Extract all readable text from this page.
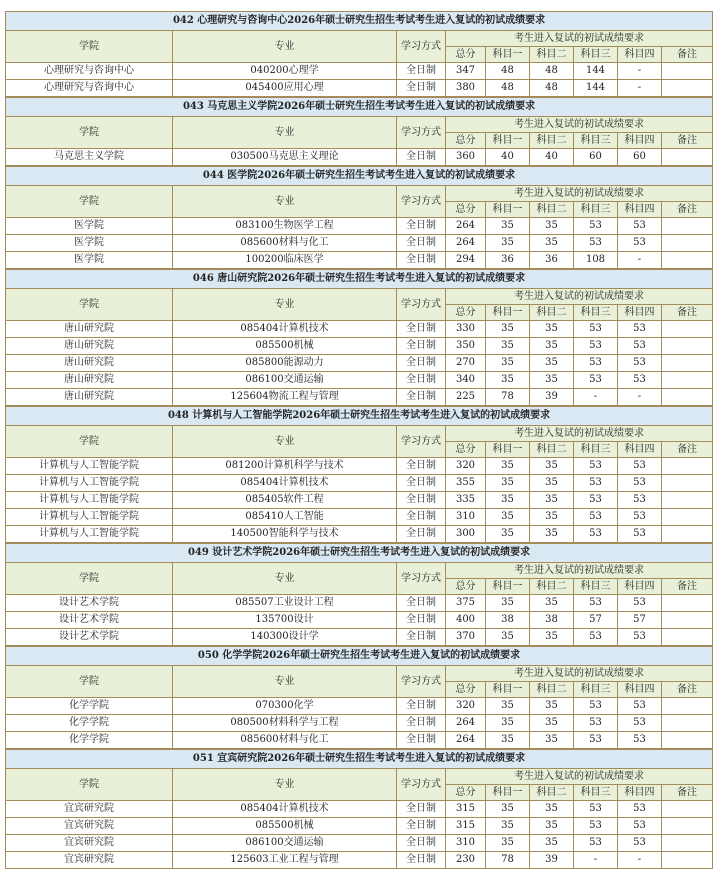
042 心理研究与咨询中心2026年硕士研究生招生考试考生进入复试的初试成绩要求								
学院	专业	学习方式	考生进入复试的初试成绩要求					
			总分	科目一	科目二	科目三	科目四	备注
心理研究与咨询中心	040200心理学	全日制	347	48	48	144	-	
心理研究与咨询中心	045400应用心理	全日制	380	48	48	144	-	
043 马克思主义学院2026年硕士研究生招生考试考生进入复试的初试成绩要求								
学院	专业	学习方式	考生进入复试的初试成绩要求					
			总分	科目一	科目二	科目三	科目四	备注
马克思主义学院	030500马克思主义理论	全日制	360	40	40	60	60	
044 医学院2026年硕士研究生招生考试考生进入复试的初试成绩要求								
学院	专业	学习方式	考生进入复试的初试成绩要求					
			总分	科目一	科目二	科目三	科目四	备注
医学院	083100生物医学工程	全日制	264	35	35	53	53	
医学院	085600材料与化工	全日制	264	35	35	53	53	
医学院	100200临床医学	全日制	294	36	36	108	-	
046 唐山研究院2026年硕士研究生招生考试考生进入复试的初试成绩要求								
学院	专业	学习方式	考生进入复试的初试成绩要求					
			总分	科目一	科目二	科目三	科目四	备注
唐山研究院	085404计算机技术	全日制	330	35	35	53	53	
唐山研究院	085500机械	全日制	350	35	35	53	53	
唐山研究院	085800能源动力	全日制	270	35	35	53	53	
唐山研究院	086100交通运输	全日制	340	35	35	53	53	
唐山研究院	125604物流工程与管理	全日制	225	78	39	-	-	
048 计算机与人工智能学院2026年硕士研究生招生考试考生进入复试的初试成绩要求								
学院	专业	学习方式	考生进入复试的初试成绩要求					
			总分	科目一	科目二	科目三	科目四	备注
计算机与人工智能学院	081200计算机科学与技术	全日制	320	35	35	53	53	
计算机与人工智能学院	085404计算机技术	全日制	355	35	35	53	53	
计算机与人工智能学院	085405软件工程	全日制	335	35	35	53	53	
计算机与人工智能学院	085410人工智能	全日制	310	35	35	53	53	
计算机与人工智能学院	140500智能科学与技术	全日制	300	35	35	53	53	
049 设计艺术学院2026年硕士研究生招生考试考生进入复试的初试成绩要求								
学院	专业	学习方式	考生进入复试的初试成绩要求					
			总分	科目一	科目二	科目三	科目四	备注
设计艺术学院	085507工业设计工程	全日制	375	35	35	53	53	
设计艺术学院	135700设计	全日制	400	38	38	57	57	
设计艺术学院	140300设计学	全日制	370	35	35	53	53	
050 化学学院2026年硕士研究生招生考试考生进入复试的初试成绩要求								
学院	专业	学习方式	考生进入复试的初试成绩要求					
			总分	科目一	科目二	科目三	科目四	备注
化学学院	070300化学	全日制	320	35	35	53	53	
化学学院	080500材料科学与工程	全日制	264	35	35	53	53	
化学学院	085600材料与化工	全日制	264	35	35	53	53	
051 宜宾研究院2026年硕士研究生招生考试考生进入复试的初试成绩要求								
学院	专业	学习方式	考生进入复试的初试成绩要求					
			总分	科目一	科目二	科目三	科目四	备注
宜宾研究院	085404计算机技术	全日制	315	35	35	53	53	
宜宾研究院	085500机械	全日制	315	35	35	53	53	
宜宾研究院	086100交通运输	全日制	310	35	35	53	53	
宜宾研究院	125603工业工程与管理	全日制	230	78	39	-	-	
